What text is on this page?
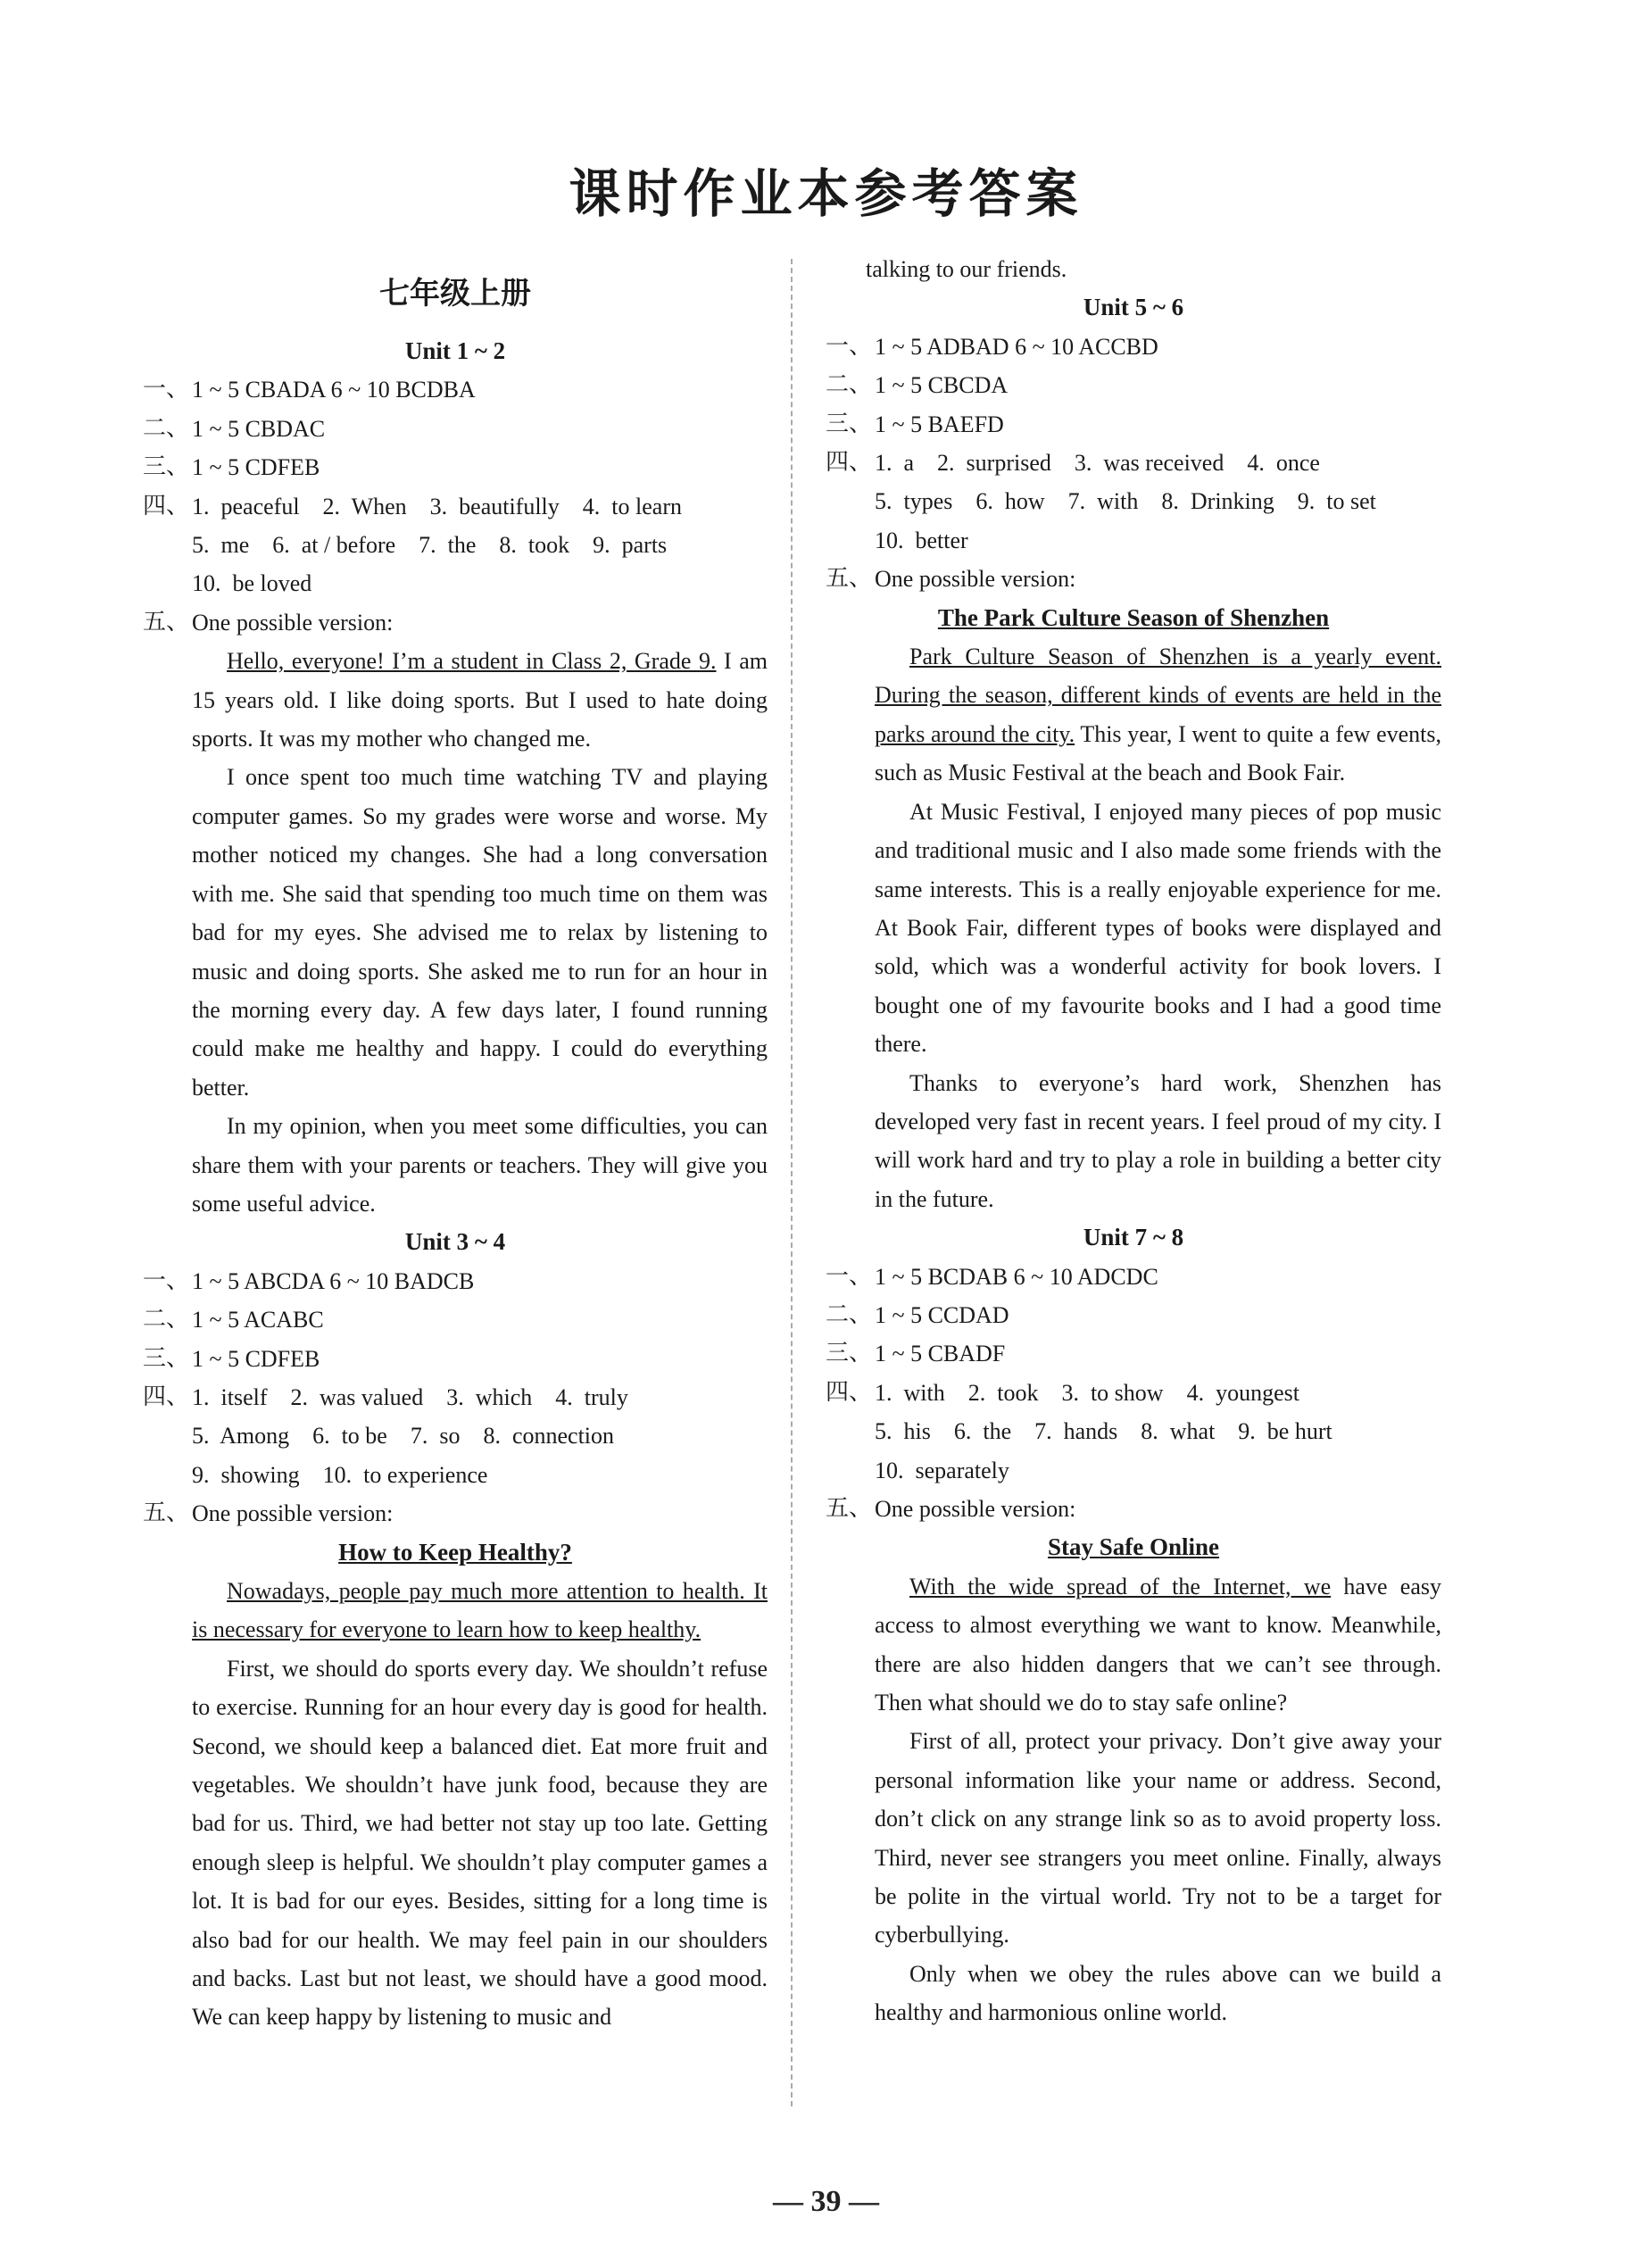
课时作业本参考答案
七年级上册
Unit 1 ~ 2
一、 1 ~ 5 CBADA 6 ~ 10 BCDBA
二、 1 ~ 5 CBDAC
三、 1 ~ 5 CDFEB
四、 1.  peaceful    2.  When    3.  beautifully    4.  to learn
5.  me    6.  at / before    7.  the    8.  took    9.  parts
10.  be loved
五、 One possible version:
Hello, everyone! I’m a student in Class 2, Grade 9. I am 15 years old. I like doing sports. But I used to hate doing sports. It was my mother who changed me.
I once spent too much time watching TV and playing computer games. So my grades were worse and worse. My mother noticed my changes. She had a long conversation with me. She said that spending too much time on them was bad for my eyes. She advised me to relax by listening to music and doing sports. She asked me to run for an hour in the morning every day. A few days later, I found running could make me healthy and happy. I could do everything better.
In my opinion, when you meet some difficulties, you can share them with your parents or teachers. They will give you some useful advice.
Unit 3 ~ 4
一、 1 ~ 5 ABCDA 6 ~ 10 BADCB
二、 1 ~ 5 ACABC
三、 1 ~ 5 CDFEB
四、 1.  itself    2.  was valued    3.  which    4.  truly
5.  Among    6.  to be    7.  so    8.  connection
9.  showing    10.  to experience
五、 One possible version:
How to Keep Healthy?
Nowadays, people pay much more attention to health. It is necessary for everyone to learn how to keep healthy.
First, we should do sports every day. We shouldn’t refuse to exercise. Running for an hour every day is good for health. Second, we should keep a balanced diet. Eat more fruit and vegetables. We shouldn’t have junk food, because they are bad for us. Third, we had better not stay up too late. Getting enough sleep is helpful. We shouldn’t play computer games a lot. It is bad for our eyes. Besides, sitting for a long time is also bad for our health. We may feel pain in our shoulders and backs. Last but not least, we should have a good mood. We can keep happy by listening to music and
talking to our friends.
Unit 5 ~ 6
一、 1 ~ 5 ADBAD 6 ~ 10 ACCBD
二、 1 ~ 5 CBCDA
三、 1 ~ 5 BAEFD
四、 1.  a    2.  surprised    3.  was received    4.  once
5.  types    6.  how    7.  with    8.  Drinking    9.  to set
10.  better
五、 One possible version:
The Park Culture Season of Shenzhen
Park Culture Season of Shenzhen is a yearly event. During the season, different kinds of events are held in the parks around the city. This year, I went to quite a few events, such as Music Festival at the beach and Book Fair.
At Music Festival, I enjoyed many pieces of pop music and traditional music and I also made some friends with the same interests. This is a really enjoyable experience for me. At Book Fair, different types of books were displayed and sold, which was a wonderful activity for book lovers. I bought one of my favourite books and I had a good time there.
Thanks to everyone’s hard work, Shenzhen has developed very fast in recent years. I feel proud of my city. I will work hard and try to play a role in building a better city in the future.
Unit 7 ~ 8
一、 1 ~ 5 BCDAB 6 ~ 10 ADCDC
二、 1 ~ 5 CCDAD
三、 1 ~ 5 CBADF
四、 1.  with    2.  took    3.  to show    4.  youngest
5.  his    6.  the    7.  hands    8.  what    9.  be hurt
10.  separately
五、 One possible version:
Stay Safe Online
With the wide spread of the Internet, we have easy access to almost everything we want to know. Meanwhile, there are also hidden dangers that we can’t see through. Then what should we do to stay safe online?
First of all, protect your privacy. Don’t give away your personal information like your name or address. Second, don’t click on any strange link so as to avoid property loss. Third, never see strangers you meet online. Finally, always be polite in the virtual world. Try not to be a target for cyberbullying.
Only when we obey the rules above can we build a healthy and harmonious online world.
— 39 —
